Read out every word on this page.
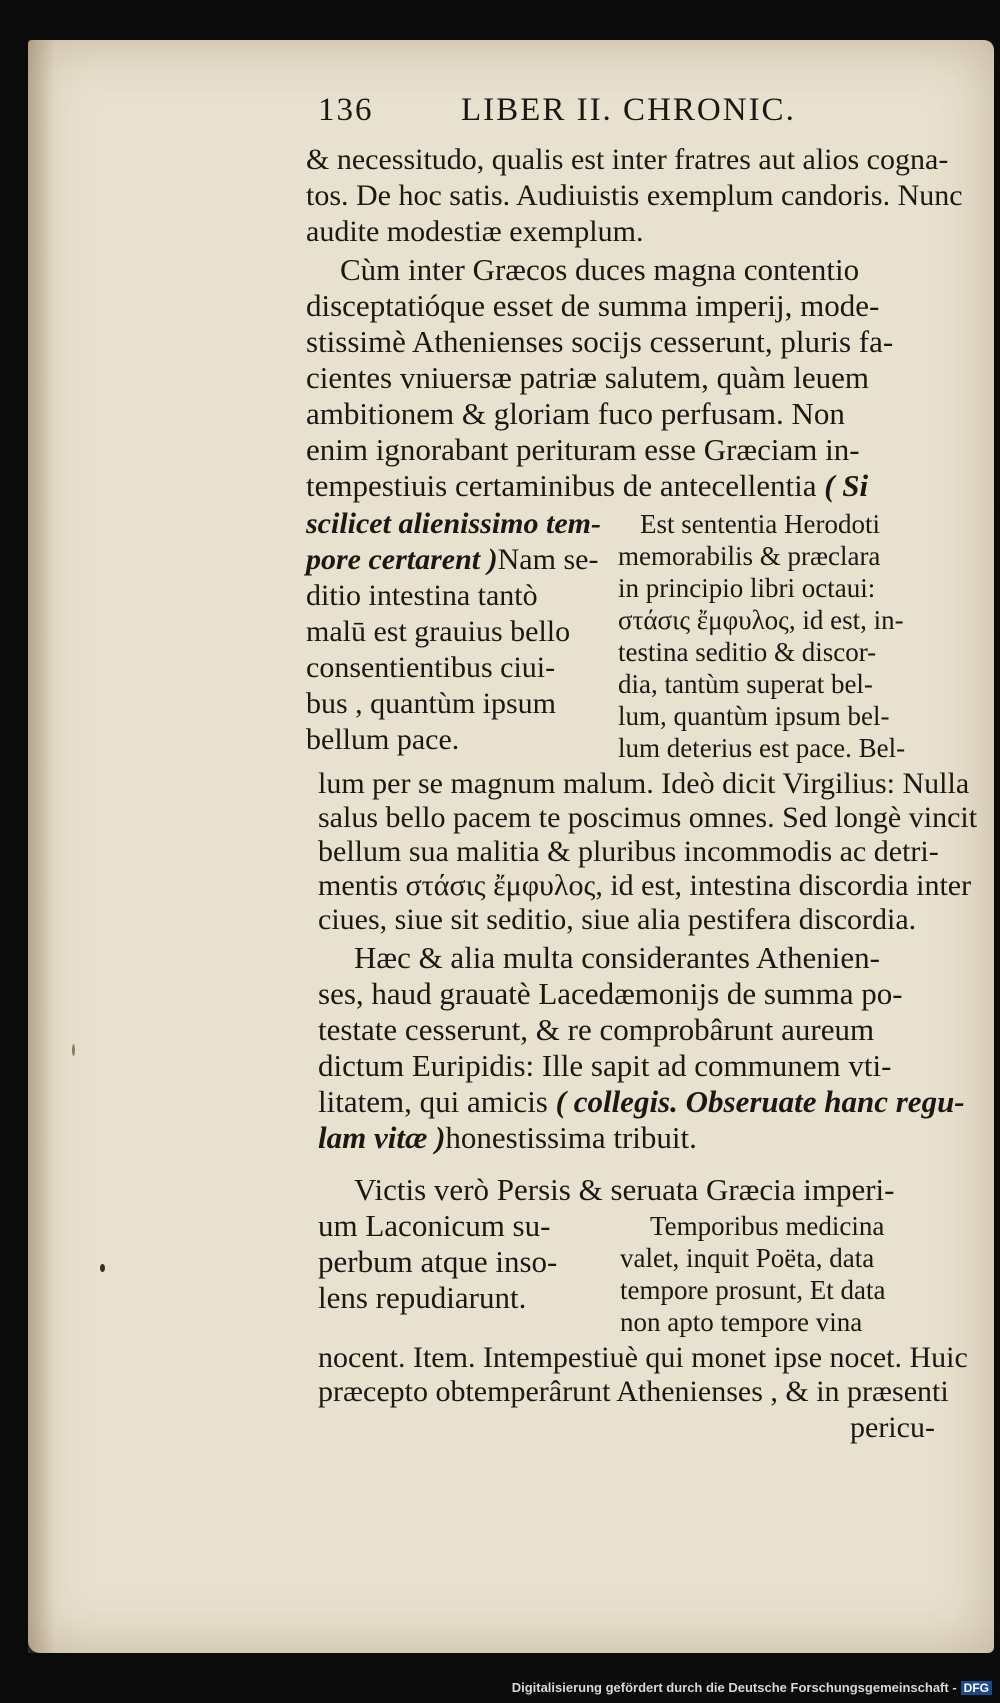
136	LIBER II. CHRONIC.
& necessitudo, qualis est inter fratres aut alios cogna-
tos. De hoc satis. Audiuistis exemplum candoris. Nunc
audite modestiæ exemplum.
Cùm inter Græcos duces magna contentio
disceptatióque esset de summa imperij, mode-
stissimè Athenienses socijs cesserunt, pluris fa-
cientes vniuersæ patriæ salutem, quàm leuem
ambitionem & gloriam fuco perfusam. Non
enim ignorabant perituram esse Græciam in-
tempestiuis certaminibus de antecellentia ( Si
scilicet alienissimo tem-
pore certarent )Nam se-
ditio intestina tantò
malū est grauius bello
consentientibus ciui-
bus , quantùm ipsum
bellum pace.
Est sententia Herodoti
memorabilis & præclara
in principio libri octaui:
στάσις ἔμφυλος, id est, in-
testina seditio & discor-
dia, tantùm superat bel-
lum, quantùm ipsum bel-
lum deterius est pace. Bel-
lum per se magnum malum. Ideò dicit Virgilius: Nulla
salus bello pacem te poscimus omnes. Sed longè vincit
bellum sua malitia & pluribus incommodis ac detri-
mentis στάσις ἔμφυλος, id est, intestina discordia inter
ciues, siue sit seditio, siue alia pestifera discordia.
Hæc & alia multa considerantes Athenien-
ses, haud grauatè Lacedæmonijs de summa po-
testate cesserunt, & re comprobârunt aureum
dictum Euripidis: Ille sapit ad communem vti-
litatem, qui amicis ( collegis. Obseruate hanc regu-
lam vitæ )honestissima tribuit.
Victis verò Persis & seruata Græcia imperi-
um Laconicum su-
perbum atque inso-
lens repudiarunt.
Temporibus medicina
valet, inquit Poëta, data
tempore prosunt, Et data
non apto tempore vina
nocent. Item. Intempestiuè qui monet ipse nocet. Huic
præcepto obtemperârunt Athenienses , & in præsenti
pericu-
Digitalisierung gefördert durch die Deutsche Forschungsgemeinschaft - DFG
